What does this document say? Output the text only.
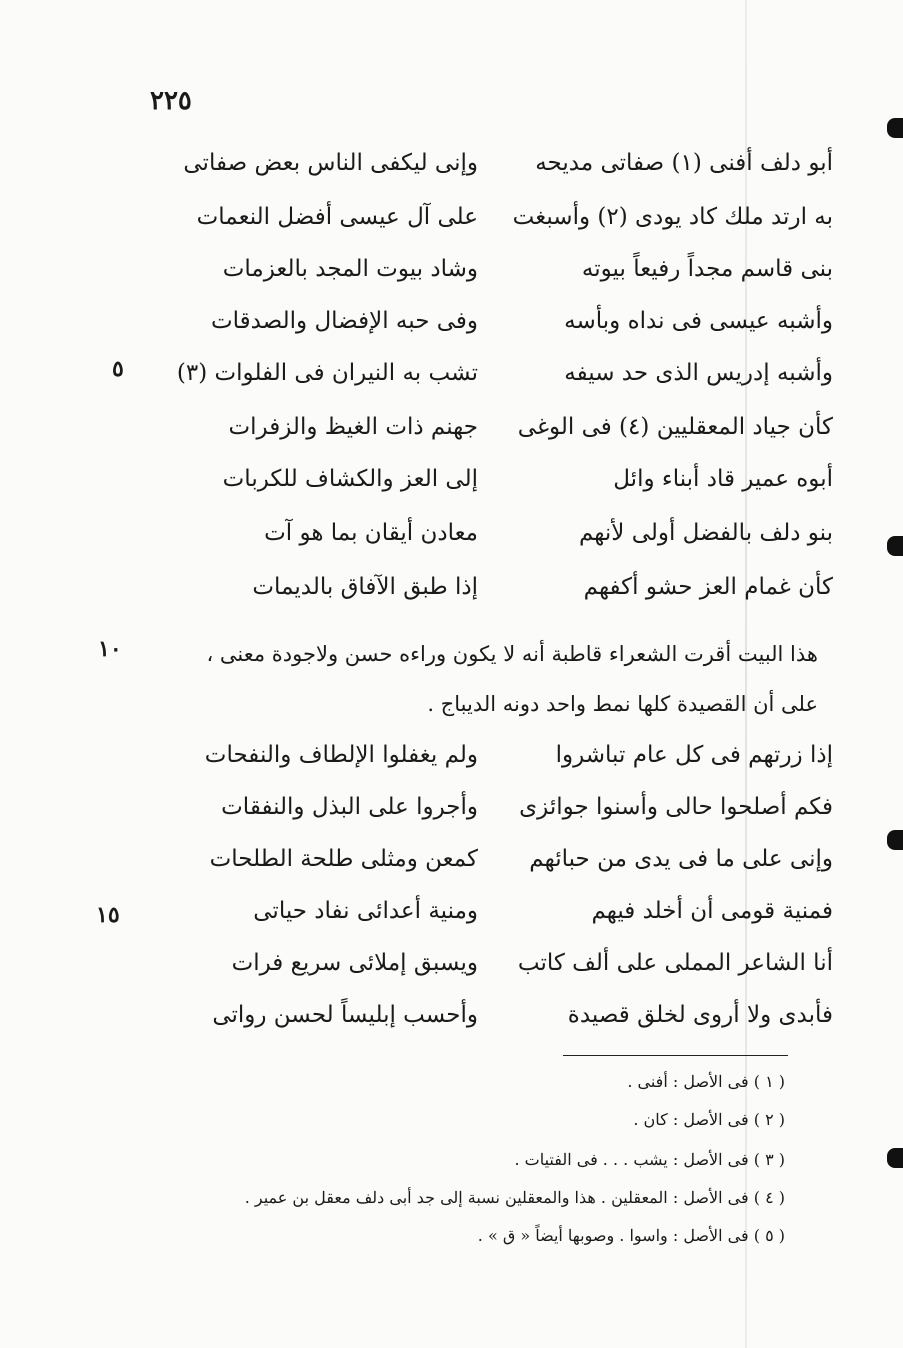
٢٢٥
أبو دلف أفنى (١) صفاتى مديحه
وإنى ليكفى الناس بعض صفاتى
به ارتد ملك كاد يودى (٢) وأسبغت
على آل عيسى أفضل النعمات
بنى قاسم مجداً رفيعاً بيوته
وشاد بيوت المجد بالعزمات
وأشبه عيسى فى نداه وبأسه
وفى حبه الإفضال والصدقات
وأشبه إدريس الذى حد سيفه
تشب به النيران فى الفلوات (٣)
كأن جياد المعقليين (٤) فى الوغى
جهنم ذات الغيظ والزفرات
أبوه عمير قاد أبناء وائل
إلى العز والكشاف للكربات
بنو دلف بالفضل أولى لأنهم
معادن أيقان بما هو آت
كأن غمام العز حشو أكفهم
إذا طبق الآفاق بالديمات
٥
هذا البيت أقرت الشعراء قاطبة أنه لا يكون وراءه حسن ولاجودة معنى ،
على أن القصيدة كلها نمط واحد دونه الديباج .
١٠
إذا زرتهم فى كل عام تباشروا
ولم يغفلوا الإلطاف والنفحات
فكم أصلحوا حالى وأسنوا جوائزى
وأجروا على البذل والنفقات
وإنى على ما فى يدى من حبائهم
كمعن ومثلى طلحة الطلحات
فمنية قومى أن أخلد فيهم
ومنية أعدائى نفاد حياتى
أنا الشاعر المملى على ألف كاتب
ويسبق إملائى سريع فرات
فأبدى ولا أروى لخلق قصيدة
وأحسب إبليساً لحسن رواتى
١٥
( ١ ) فى الأصل : أفنى .
( ٢ ) فى الأصل : كان .
( ٣ ) فى الأصل : يشب . . . فى الفتيات .
( ٤ ) فى الأصل : المعقلين . هذا والمعقلين نسبة إلى جد أبى دلف معقل بن عمير .
( ٥ ) فى الأصل : واسوا . وصوبها أيضاً « ق » .
